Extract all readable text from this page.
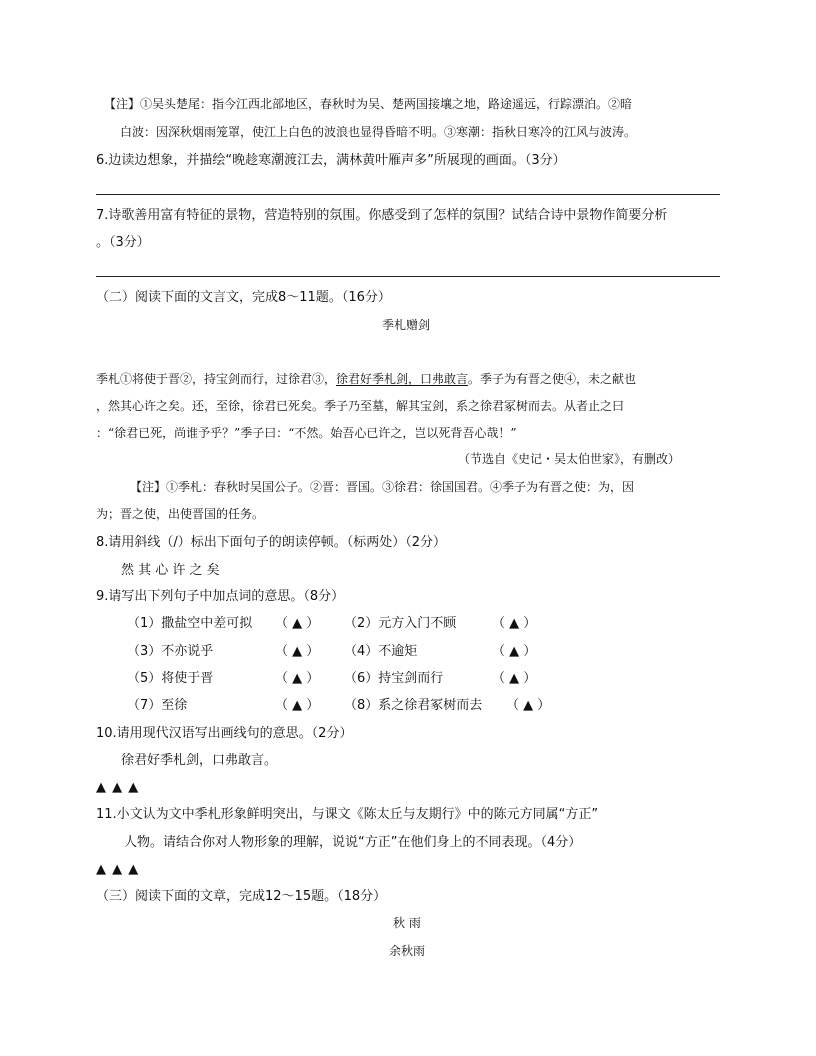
【注】①吴头楚尾：指今江西北部地区，春秋时为吴、楚两国接壤之地，路途遥远，行踪漂泊。②暗
白波：因深秋烟雨笼罩，使江上白色的波浪也显得昏暗不明。③寒潮：指秋日寒冷的江风与波涛。
6.边读边想象，并描绘“晚趁寒潮渡江去，满林黄叶雁声多”所展现的画面。（3分）
7.诗歌善用富有特征的景物，营造特别的氛围。你感受到了怎样的氛围？试结合诗中景物作简要分析
。（3分）
（二）阅读下面的文言文，完成8～11题。（16分）
季札赠剑
季札①将使于晋②，持宝剑而行，过徐君③，徐君好季札剑，口弗敢言。季子为有晋之使④，未之献也
，然其心许之矣。还，至徐，徐君已死矣。季子乃至墓，解其宝剑，系之徐君冢树而去。从者止之曰
：“徐君已死，尚谁予乎？”季子曰：“不然。始吾心已许之，岂以死背吾心哉！”
（节选自《史记・吴太伯世家》，有删改）
【注】①季札：春秋时吴国公子。②晋：晋国。③徐君：徐国国君。④季子为有晋之使：为，因
为；晋之使，出使晋国的任务。
8.请用斜线（/）标出下面句子的朗读停顿。（标两处）（2分）
然 其 心 许 之 矣
9.请写出下列句子中加点词的意思。（8分）
（1）撒盐空中差可拟 （ ▲ ） （2）元方入门不顾	（ ▲ ）
（3）不亦说乎	（ ▲ ） （4）不逾矩	（ ▲ ）
（5）将使于晋	（ ▲ ） （6）持宝剑而行	（ ▲ ）
（7）至徐	（ ▲ ） （8）系之徐君冢树而去 （ ▲ ）
10.请用现代汉语写出画线句的意思。（2分）
徐君好季札剑，口弗敢言。
▲ ▲ ▲
11.小文认为文中季札形象鲜明突出，与课文《陈太丘与友期行》中的陈元方同属“方正”
人物。请结合你对人物形象的理解，说说“方正”在他们身上的不同表现。（4分）
▲ ▲ ▲
（三）阅读下面的文章，完成12～15题。（18分）
秋 雨
余秋雨
